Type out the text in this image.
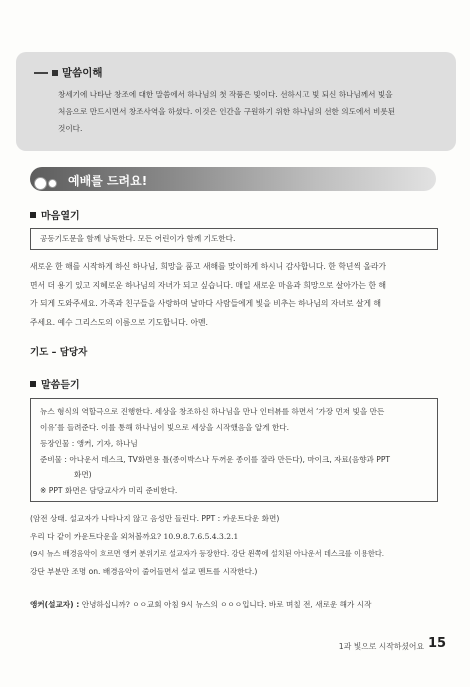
말씀이해
창세기에 나타난 창조에 대한 말씀에서 하나님의 첫 작품은 빛이다. 선하시고 빛 되신 하나님께서 빛을
처음으로 만드시면서 창조사역을 하셨다. 이것은 인간을 구원하기 위한 하나님의 선한 의도에서 비롯된
것이다.
예배를 드려요!
마음열기
공동기도문을 함께 낭독한다. 모든 어린이가 함께 기도한다.
새로운 한 해를 시작하게 하신 하나님, 희망을 품고 새해를 맞이하게 하시니 감사합니다. 한 학년씩 올라가
면서 더 용기 있고 지혜로운 하나님의 자녀가 되고 싶습니다. 매일 새로운 마음과 희망으로 살아가는 한 해
가 되게 도와주세요. 가족과 친구들을 사랑하며 날마다 사람들에게 빛을 비추는 하나님의 자녀로 살게 해
주세요. 예수 그리스도의 이름으로 기도합니다. 아멘.
기도 – 담당자
말씀듣기
뉴스 형식의 역할극으로 진행한다. 세상을 창조하신 하나님을 만나 인터뷰를 하면서 ‘가장 먼저 빛을 만든
이유’를 들려준다. 이를 통해 하나님이 빛으로 세상을 시작했음을 알게 한다.
등장인물 : 앵커, 기자, 하나님
준비물 : 아나운서 데스크, TV화면용 틀(종이박스나 두꺼운 종이를 잘라 만든다), 마이크, 자료(음향과 PPT
화면)
※ PPT 화면은 담당교사가 미리 준비한다.
(암전 상태. 설교자가 나타나지 않고 음성만 들린다. PPT : 카운트다운 화면)
우리 다 같이 카운트다운을 외쳐볼까요? 10.9.8.7.6.5.4.3.2.1
(9시 뉴스 배경음악이 흐르면 앵커 분위기로 설교자가 등장한다. 강단 왼쪽에 설치된 아나운서 데스크를 이용한다.
강단 부분만 조명 on. 배경음악이 줄어들면서 설교 멘트를 시작한다.)
앵커(설교자) : 안녕하십니까? ㅇㅇ교회 아침 9시 뉴스의 ㅇㅇㅇ입니다. 바로 며칠 전, 새로운 해가 시작
1과 빛으로 시작하셨어요 15
